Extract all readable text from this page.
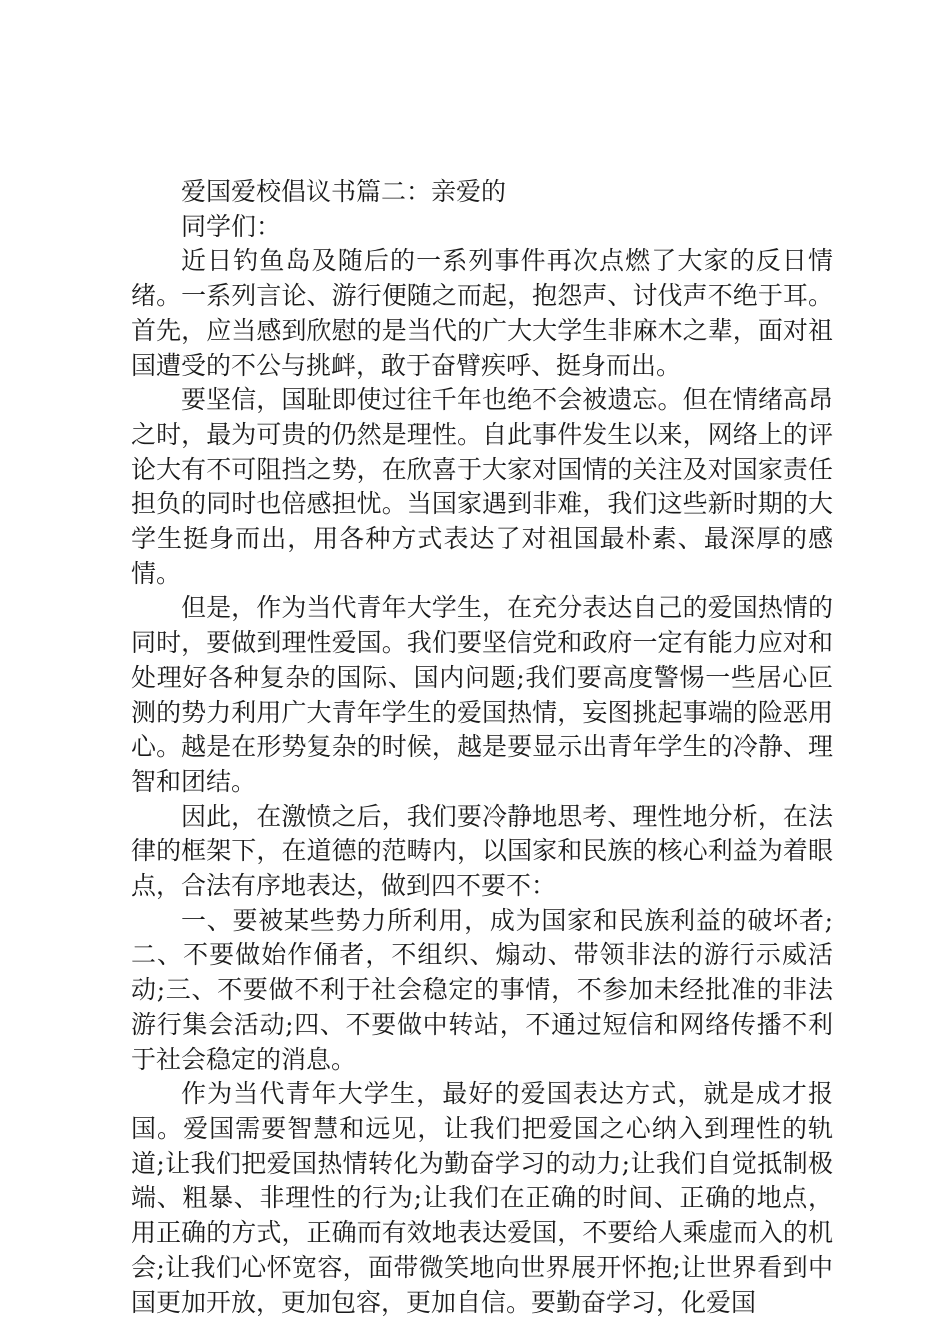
爱国爱校倡议书篇二：亲爱的

同学们：

近日钓鱼岛及随后的一系列事件再次点燃了大家的反日情绪。一系列言论、游行便随之而起，抱怨声、讨伐声不绝于耳。首先，应当感到欣慰的是当代的广大大学生非麻木之辈，面对祖国遭受的不公与挑衅，敢于奋臂疾呼、挺身而出。

要坚信，国耻即使过往千年也绝不会被遗忘。但在情绪高昂之时，最为可贵的仍然是理性。自此事件发生以来，网络上的评论大有不可阻挡之势，在欣喜于大家对国情的关注及对国家责任担负的同时也倍感担忧。当国家遇到非难，我们这些新时期的大学生挺身而出，用各种方式表达了对祖国最朴素、最深厚的感情。

但是，作为当代青年大学生，在充分表达自己的爱国热情的同时，要做到理性爱国。我们要坚信党和政府一定有能力应对和处理好各种复杂的国际、国内问题;我们要高度警惕一些居心叵测的势力利用广大青年学生的爱国热情，妄图挑起事端的险恶用心。越是在形势复杂的时候，越是要显示出青年学生的冷静、理智和团结。

因此，在激愤之后，我们要冷静地思考、理性地分析，在法律的框架下，在道德的范畴内，以国家和民族的核心利益为着眼点，合法有序地表达，做到四不要不：

一、要被某些势力所利用，成为国家和民族利益的破坏者;二、不要做始作俑者，不组织、煽动、带领非法的游行示威活动;三、不要做不利于社会稳定的事情，不参加未经批准的非法游行集会活动;四、不要做中转站，不通过短信和网络传播不利于社会稳定的消息。

作为当代青年大学生，最好的爱国表达方式，就是成才报国。爱国需要智慧和远见，让我们把爱国之心纳入到理性的轨道;让我们把爱国热情转化为勤奋学习的动力;让我们自觉抵制极端、粗暴、非理性的行为;让我们在正确的时间、正确的地点，用正确的方式，正确而有效地表达爱国，不要给人乘虚而入的机会;让我们心怀宽容，面带微笑地向世界展开怀抱;让世界看到中国更加开放，更加包容，更加自信。要勤奋学习，化爱国
